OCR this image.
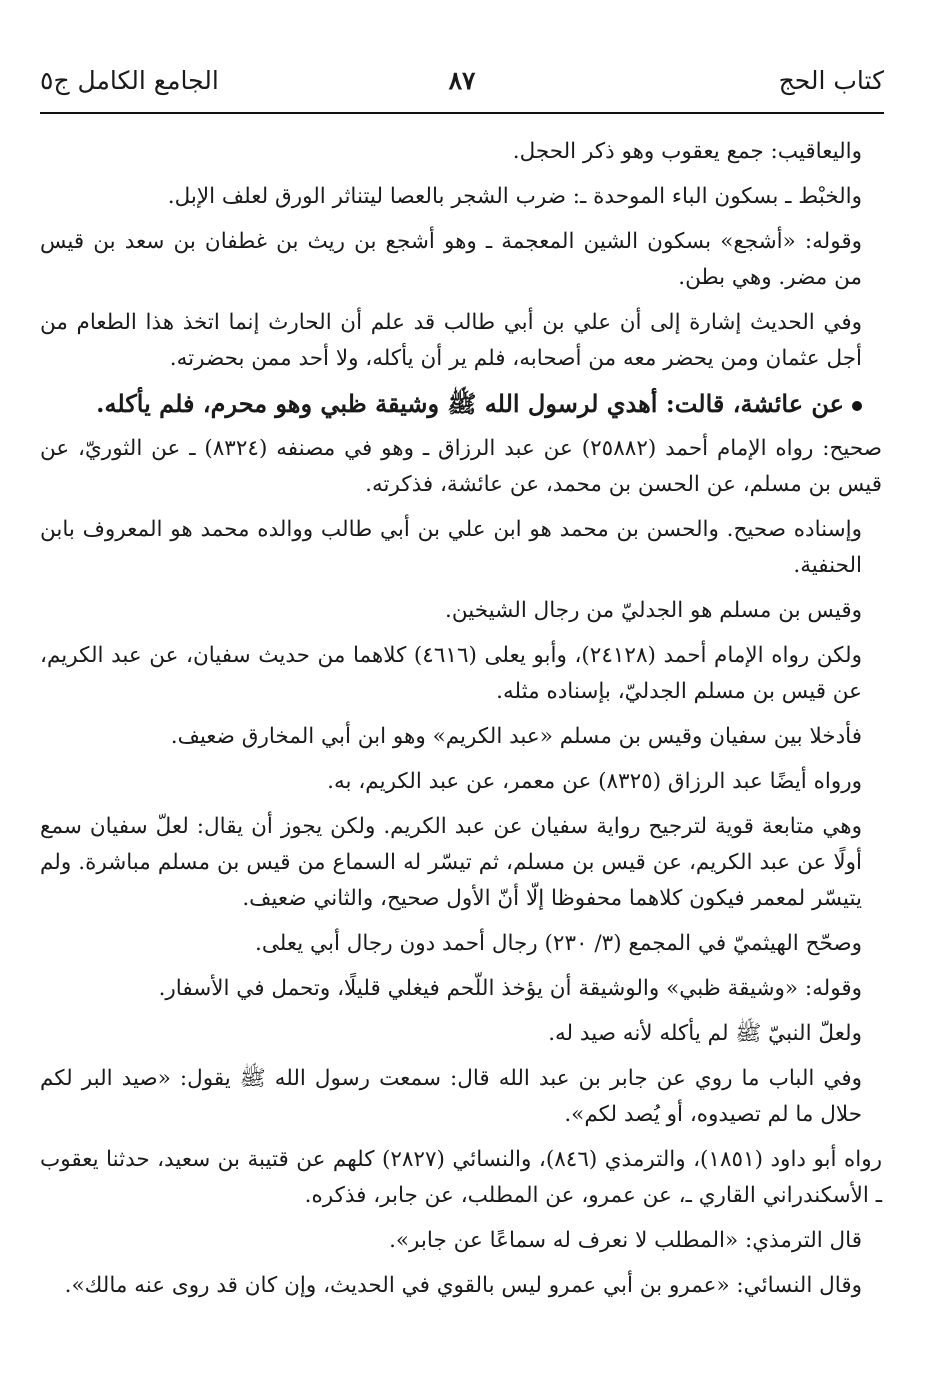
كتاب الحج
٨٧
الجامع الكامل ج٥
واليعاقيب: جمع يعقوب وهو ذكر الحجل.
والخبْط ـ بسكون الباء الموحدة ـ: ضرب الشجر بالعصا ليتناثر الورق لعلف الإبل.
وقوله: «أشجع» بسكون الشين المعجمة ـ وهو أشجع بن ريث بن غطفان بن سعد بن قيس من مضر. وهي بطن.
وفي الحديث إشارة إلى أن علي بن أبي طالب قد علم أن الحارث إنما اتخذ هذا الطعام من أجل عثمان ومن يحضر معه من أصحابه، فلم ير أن يأكله، ولا أحد ممن بحضرته.
عن عائشة، قالت: أهدي لرسول الله ﷺ وشيقة ظبي وهو محرم، فلم يأكله.
صحيح: رواه الإمام أحمد (٢٥٨٨٢) عن عبد الرزاق ـ وهو في مصنفه (٨٣٢٤) ـ عن الثوريّ، عن قيس بن مسلم، عن الحسن بن محمد، عن عائشة، فذكرته.
وإسناده صحيح. والحسن بن محمد هو ابن علي بن أبي طالب ووالده محمد هو المعروف بابن الحنفية.
وقيس بن مسلم هو الجدليّ من رجال الشيخين.
ولكن رواه الإمام أحمد (٢٤١٢٨)، وأبو يعلى (٤٦١٦) كلاهما من حديث سفيان، عن عبد الكريم، عن قيس بن مسلم الجدليّ، بإسناده مثله.
فأدخلا بين سفيان وقيس بن مسلم «عبد الكريم» وهو ابن أبي المخارق ضعيف.
ورواه أيضًا عبد الرزاق (٨٣٢٥) عن معمر، عن عبد الكريم، به.
وهي متابعة قوية لترجيح رواية سفيان عن عبد الكريم. ولكن يجوز أن يقال: لعلّ سفيان سمع أولًا عن عبد الكريم، عن قيس بن مسلم، ثم تيسّر له السماع من قيس بن مسلم مباشرة. ولم يتيسّر لمعمر فيكون كلاهما محفوظا إلّا أنّ الأول صحيح، والثاني ضعيف.
وصحّح الهيثميّ في المجمع (٣/ ٢٣٠) رجال أحمد دون رجال أبي يعلى.
وقوله: «وشيقة ظبي» والوشيقة أن يؤخذ اللّحم فيغلي قليلًا، وتحمل في الأسفار.
ولعلّ النبيّ ﷺ لم يأكله لأنه صيد له.
وفي الباب ما روي عن جابر بن عبد الله قال: سمعت رسول الله ﷺ يقول: «صيد البر لكم حلال ما لم تصيدوه، أو يُصد لكم».
رواه أبو داود (١٨٥١)، والترمذي (٨٤٦)، والنسائي (٢٨٢٧) كلهم عن قتيبة بن سعيد، حدثنا يعقوب ـ الأسكندراني القاري ـ، عن عمرو، عن المطلب، عن جابر، فذكره.
قال الترمذي: «المطلب لا نعرف له سماعًا عن جابر».
وقال النسائي: «عمرو بن أبي عمرو ليس بالقوي في الحديث، وإن كان قد روى عنه مالك».
